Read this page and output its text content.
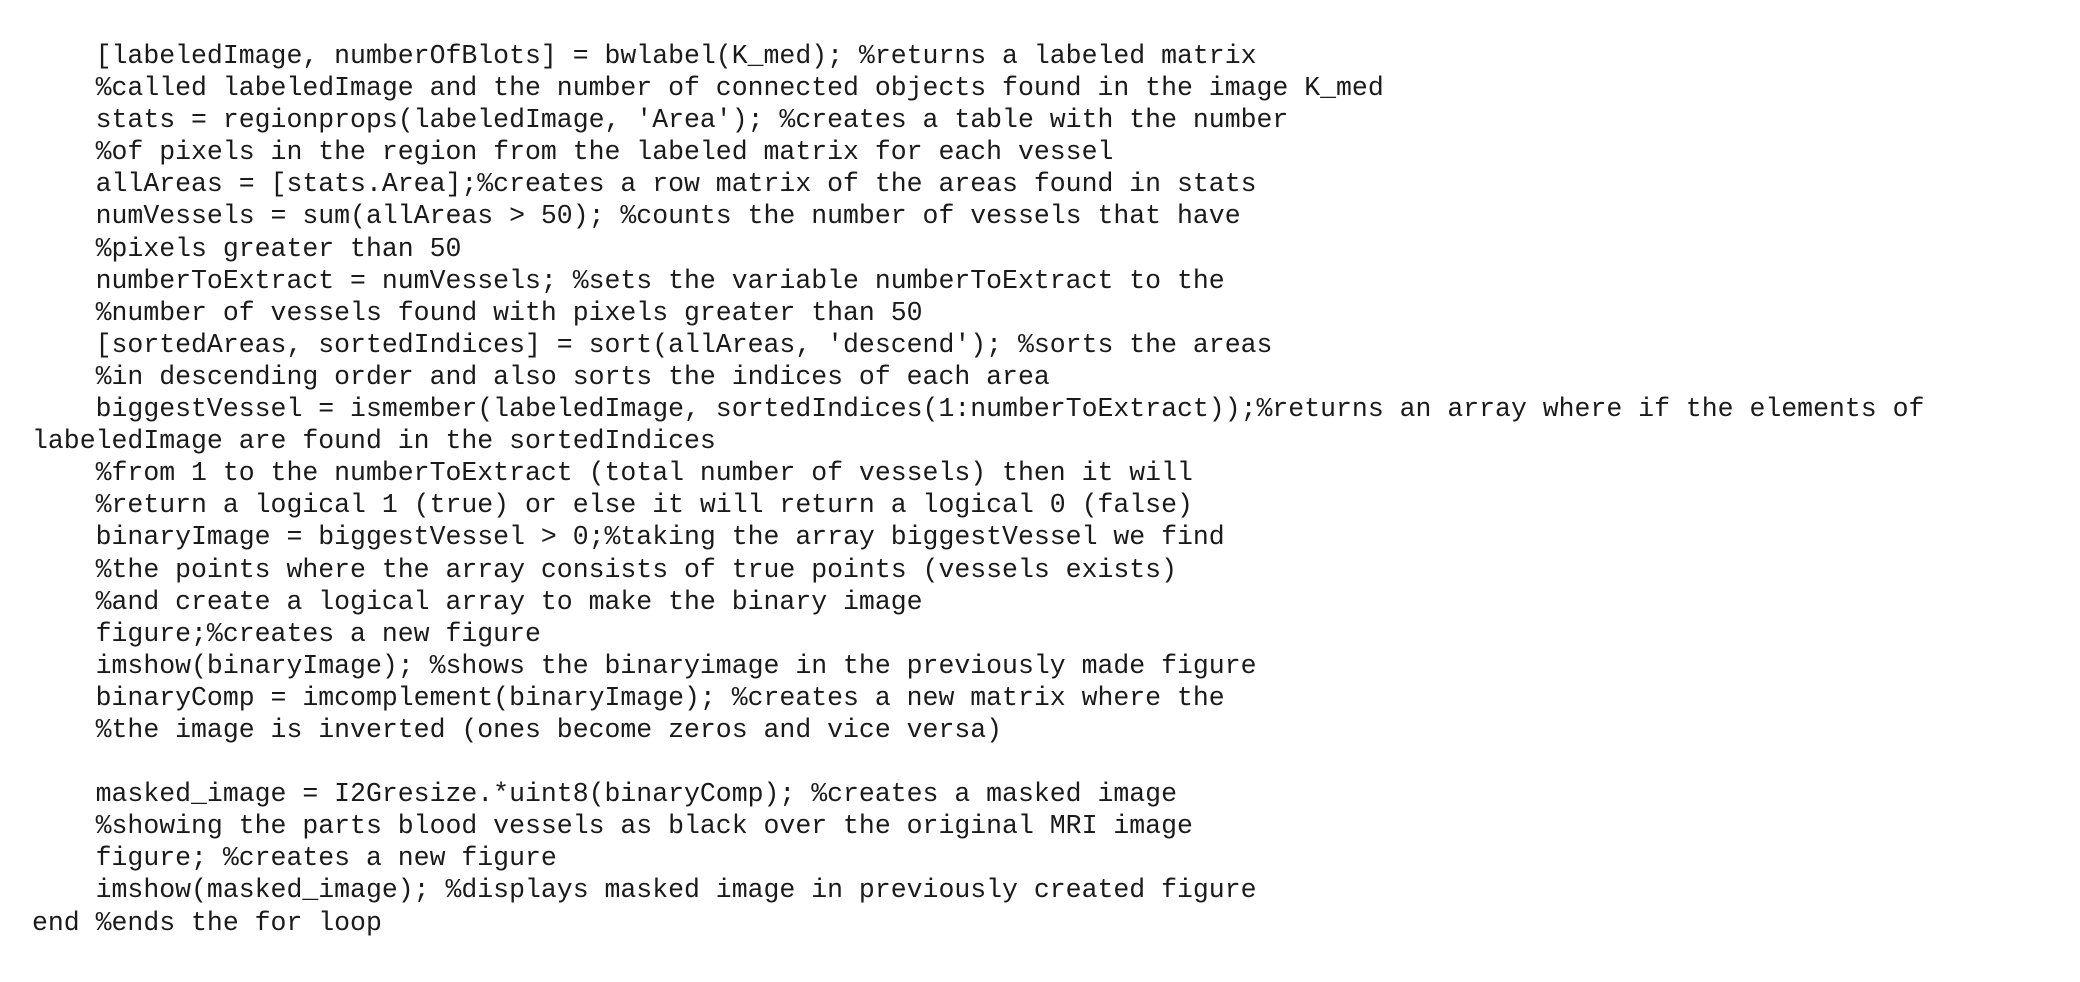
[labeledImage, numberOfBlots] = bwlabel(K_med); %returns a labeled matrix
%called labeledImage and the number of connected objects found in the image K_med
stats = regionprops(labeledImage, 'Area'); %creates a table with the number
%of pixels in the region from the labeled matrix for each vessel
allAreas = [stats.Area];%creates a row matrix of the areas found in stats
numVessels = sum(allAreas > 50); %counts the number of vessels that have
%pixels greater than 50
numberToExtract = numVessels; %sets the variable numberToExtract to the
%number of vessels found with pixels greater than 50
[sortedAreas, sortedIndices] = sort(allAreas, 'descend'); %sorts the areas
%in descending order and also sorts the indices of each area
biggestVessel = ismember(labeledImage, sortedIndices(1:numberToExtract));%returns an array where if the elements of
labeledImage are found in the sortedIndices
%from 1 to the numberToExtract (total number of vessels) then it will
%return a logical 1 (true) or else it will return a logical 0 (false)
binaryImage = biggestVessel > 0;%taking the array biggestVessel we find
%the points where the array consists of true points (vessels exists)
%and create a logical array to make the binary image
figure;%creates a new figure
imshow(binaryImage); %shows the binaryimage in the previously made figure
binaryComp = imcomplement(binaryImage); %creates a new matrix where the
%the image is inverted (ones become zeros and vice versa)
masked_image = I2Gresize.*uint8(binaryComp); %creates a masked image
%showing the parts blood vessels as black over the original MRI image
figure; %creates a new figure
imshow(masked_image); %displays masked image in previously created figure
end %ends the for loop
